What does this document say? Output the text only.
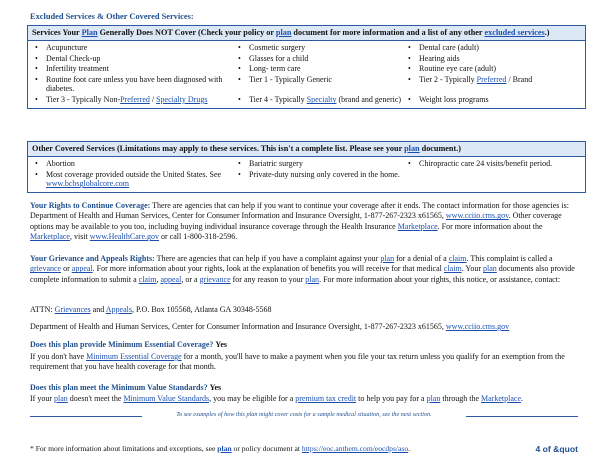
Excluded Services & Other Covered Services:
Services Your Plan Generally Does NOT Cover (Check your policy or plan document for more information and a list of any other excluded services.)
• Acupuncture
• Dental Check-up
• Infertility treatment
• Routine foot care unless you have been diagnosed with diabetes.
• Tier 3 - Typically Non-Preferred / Specialty Drugs
• Cosmetic surgery
• Glasses for a child
• Long- term care
• Tier 1 - Typically Generic
• Tier 4 - Typically Specialty (brand and generic)
• Dental care (adult)
• Hearing aids
• Routine eye care (adult)
• Tier 2 - Typically Preferred / Brand
• Weight loss programs
Other Covered Services (Limitations may apply to these services. This isn't a complete list. Please see your plan document.)
• Abortion
• Most coverage provided outside the United States. See www.bcbsglobalcore.com
• Bariatric surgery
• Private-duty nursing only covered in the home.
• Chiropractic care 24 visits/benefit period.
Your Rights to Continue Coverage: There are agencies that can help if you want to continue your coverage after it ends. The contact information for those agencies is: Department of Health and Human Services, Center for Consumer Information and Insurance Oversight, 1-877-267-2323 x61565, www.cciio.cms.gov. Other coverage options may be available to you too, including buying individual insurance coverage through the Health Insurance Marketplace. For more information about the Marketplace, visit www.HealthCare.gov or call 1-800-318-2596.
Your Grievance and Appeals Rights: There are agencies that can help if you have a complaint against your plan for a denial of a claim. This complaint is called a grievance or appeal. For more information about your rights, look at the explanation of benefits you will receive for that medical claim. Your plan documents also provide complete information to submit a claim, appeal, or a grievance for any reason to your plan. For more information about your rights, this notice, or assistance, contact:
ATTN: Grievances and Appeals, P.O. Box 105568, Atlanta GA 30348-5568
Department of Health and Human Services, Center for Consumer Information and Insurance Oversight, 1-877-267-2323 x61565, www.cciio.cms.gov
Does this plan provide Minimum Essential Coverage? Yes
If you don't have Minimum Essential Coverage for a month, you'll have to make a payment when you file your tax return unless you qualify for an exemption from the requirement that you have health coverage for that month.
Does this plan meet the Minimum Value Standards? Yes
If your plan doesn't meet the Minimum Value Standards, you may be eligible for a premium tax credit to help you pay for a plan through the Marketplace.
To see examples of how this plan might cover costs for a sample medical situation, see the next section.
* For more information about limitations and exceptions, see plan or policy document at https://eoc.anthem.com/eocdps/aso.	4 of &quot
